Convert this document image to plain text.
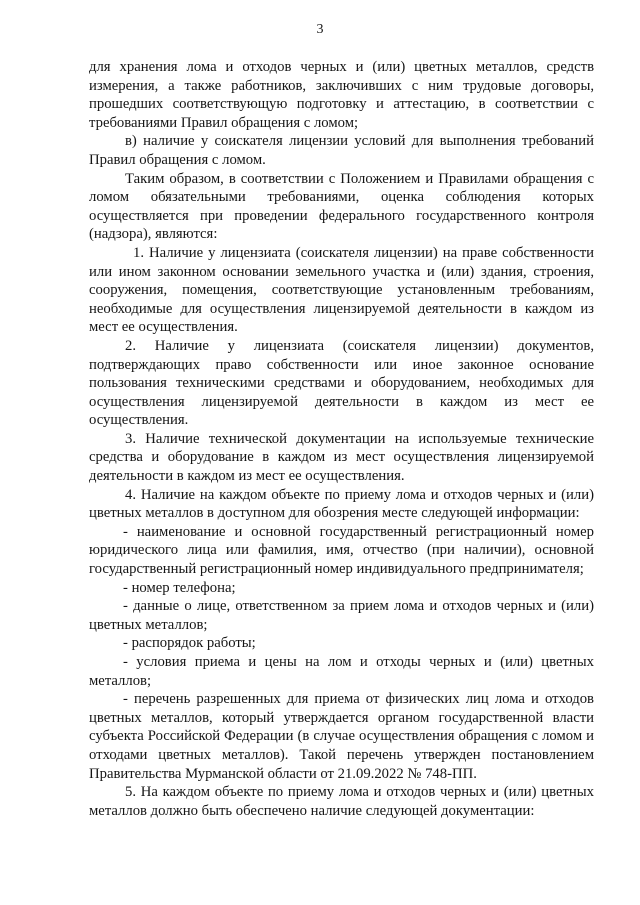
3

для хранения лома и отходов черных и (или) цветных металлов, средств измерения, а также работников, заключивших с ним трудовые договоры, прошедших соответствующую подготовку и аттестацию, в соответствии с требованиями Правил обращения с ломом;

в) наличие у соискателя лицензии условий для выполнения требований Правил обращения с ломом.

Таким образом, в соответствии с Положением и Правилами обращения с ломом обязательными требованиями, оценка соблюдения которых осуществляется при проведении федерального государственного контроля (надзора), являются:

1. Наличие у лицензиата (соискателя лицензии) на праве собственности или ином законном основании земельного участка и (или) здания, строения, сооружения, помещения, соответствующие установленным требованиям, необходимые для осуществления лицензируемой деятельности в каждом из мест ее осуществления.

2. Наличие у лицензиата (соискателя лицензии) документов, подтверждающих право собственности или иное законное основание пользования техническими средствами и оборудованием, необходимых для осуществления лицензируемой деятельности в каждом из мест ее осуществления.

3. Наличие технической документации на используемые технические средства и оборудование в каждом из мест осуществления лицензируемой деятельности в каждом из мест ее осуществления.

4. Наличие на каждом объекте по приему лома и отходов черных и (или) цветных металлов в доступном для обозрения месте следующей информации:

- наименование и основной государственный регистрационный номер юридического лица или фамилия, имя, отчество (при наличии), основной государственный регистрационный номер индивидуального предпринимателя;

- номер телефона;

- данные о лице, ответственном за прием лома и отходов черных и (или) цветных металлов;

- распорядок работы;

- условия приема и цены на лом и отходы черных и (или) цветных металлов;

- перечень разрешенных для приема от физических лиц лома и отходов цветных металлов, который утверждается органом государственной власти субъекта Российской Федерации (в случае осуществления обращения с ломом и отходами цветных металлов). Такой перечень утвержден постановлением Правительства Мурманской области от 21.09.2022 № 748-ПП.

5. На каждом объекте по приему лома и отходов черных и (или) цветных металлов должно быть обеспечено наличие следующей документации:
